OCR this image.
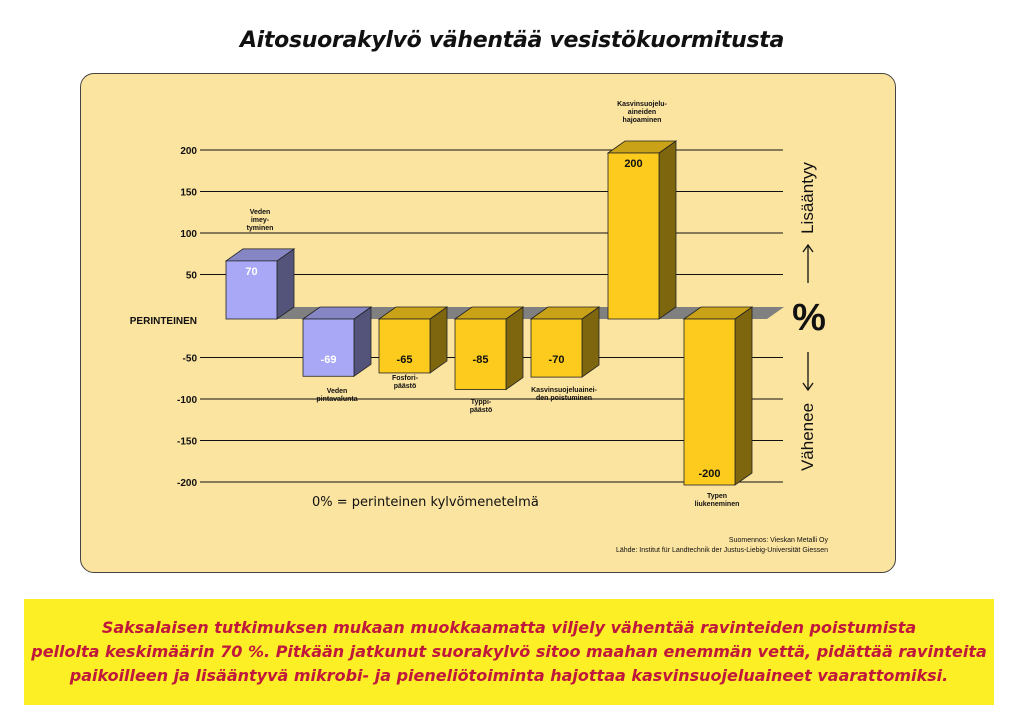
Aitosuorakylvö vähentää vesistökuormitusta
200
150
100
50
-50
-100
-150
-200
70
-69	-65	-85	-70
200
-200
Veden imey-tyminen
Veden pintavalunta
Fosfori-päästö
Typpi-päästö
Kasvinsuojeluainei-den poistuminen
Kasvinsuojelu-aineiden hajoaminen
Typen liukeneminen
PERINTEINEN	%
Lisääntyy
Vähenee
0% = perinteinen kylvömenetelmä
Suomennos: Vieskan Metalli Oy
Lähde: Institut für Landtechnik der Justus-Liebig-Universität Giessen
Saksalaisen tutkimuksen mukaan muokkaamatta viljely vähentää ravinteiden poistumista
pellolta keskimäärin 70 %. Pitkään jatkunut suorakylvö sitoo maahan enemmän vettä, pidättää ravinteita
paikoilleen ja lisääntyvä mikrobi- ja pieneliötoiminta hajottaa kasvinsuojeluaineet vaarattomiksi.
